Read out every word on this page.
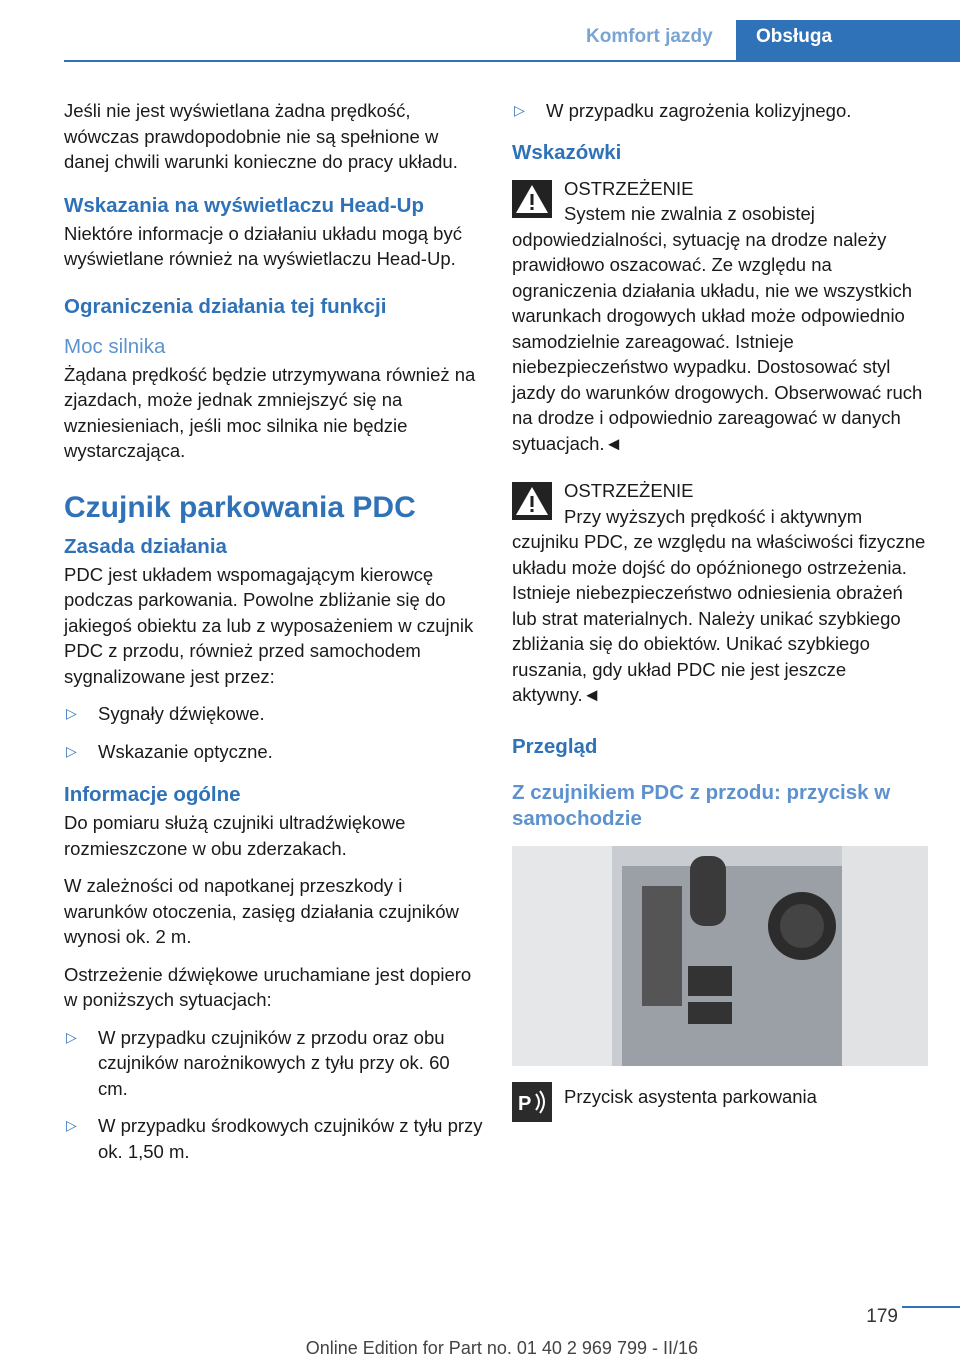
Komfort jazdy	Obsługa

Jeśli nie jest wyświetlana żadna prędkość, wówczas prawdopodobnie nie są spełnione w danej chwili warunki konieczne do pracy układu.

Wskazania na wyświetlaczu Head-Up

Niektóre informacje o działaniu układu mogą być wyświetlane również na wyświetlaczu Head-Up.

Ograniczenia działania tej funkcji
Moc silnika

Żądana prędkość będzie utrzymywana również na zjazdach, może jednak zmniejszyć się na wzniesieniach, jeśli moc silnika nie będzie wystarczająca.

Czujnik parkowania PDC
Zasada działania

PDC jest układem wspomagającym kierowcę podczas parkowania. Powolne zbliżanie się do jakiegoś obiektu za lub z wyposażeniem w czujnik PDC z przodu, również przed samochodem sygnalizowane jest przez:

▷ Sygnały dźwiękowe.
▷ Wskazanie optyczne.
Informacje ogólne

Do pomiaru służą czujniki ultradźwiękowe rozmieszczone w obu zderzakach.

W zależności od napotkanej przeszkody i warunków otoczenia, zasięg działania czujników wynosi ok. 2 m.

Ostrzeżenie dźwiękowe uruchamiane jest dopiero w poniższych sytuacjach:

▷ W przypadku czujników z przodu oraz obu czujników narożnikowych z tyłu przy ok. 60 cm.
▷ W przypadku środkowych czujników z tyłu przy ok. 1,50 m.
▷ W przypadku zagrożenia kolizyjnego.
Wskazówki

OSTRZEŻENIE
System nie zwalnia z osobistej odpowiedzialności, sytuację na drodze należy prawidłowo oszacować. Ze względu na ograniczenia działania układu, nie we wszystkich warunkach drogowych układ może odpowiednio samodzielnie zareagować. Istnieje niebezpieczeństwo wypadku. Dostosować styl jazdy do warunków drogowych. Obserwować ruch na drodze i odpowiednio zareagować w danych sytuacjach.◄

OSTRZEŻENIE
Przy wyższych prędkość i aktywnym czujniku PDC, ze względu na właściwości fizyczne układu może dojść do opóźnionego ostrzeżenia. Istnieje niebezpieczeństwo odniesienia obrażeń lub strat materialnych. Należy unikać szybkiego zbliżania się do obiektów. Unikać szybkiego ruszania, gdy układ PDC nie jest jeszcze aktywny.◄

Przegląd
Z czujnikiem PDC z przodu: przycisk w samochodzie
P Przycisk asystenta parkowania

179
Online Edition for Part no. 01 40 2 969 799 - II/16
